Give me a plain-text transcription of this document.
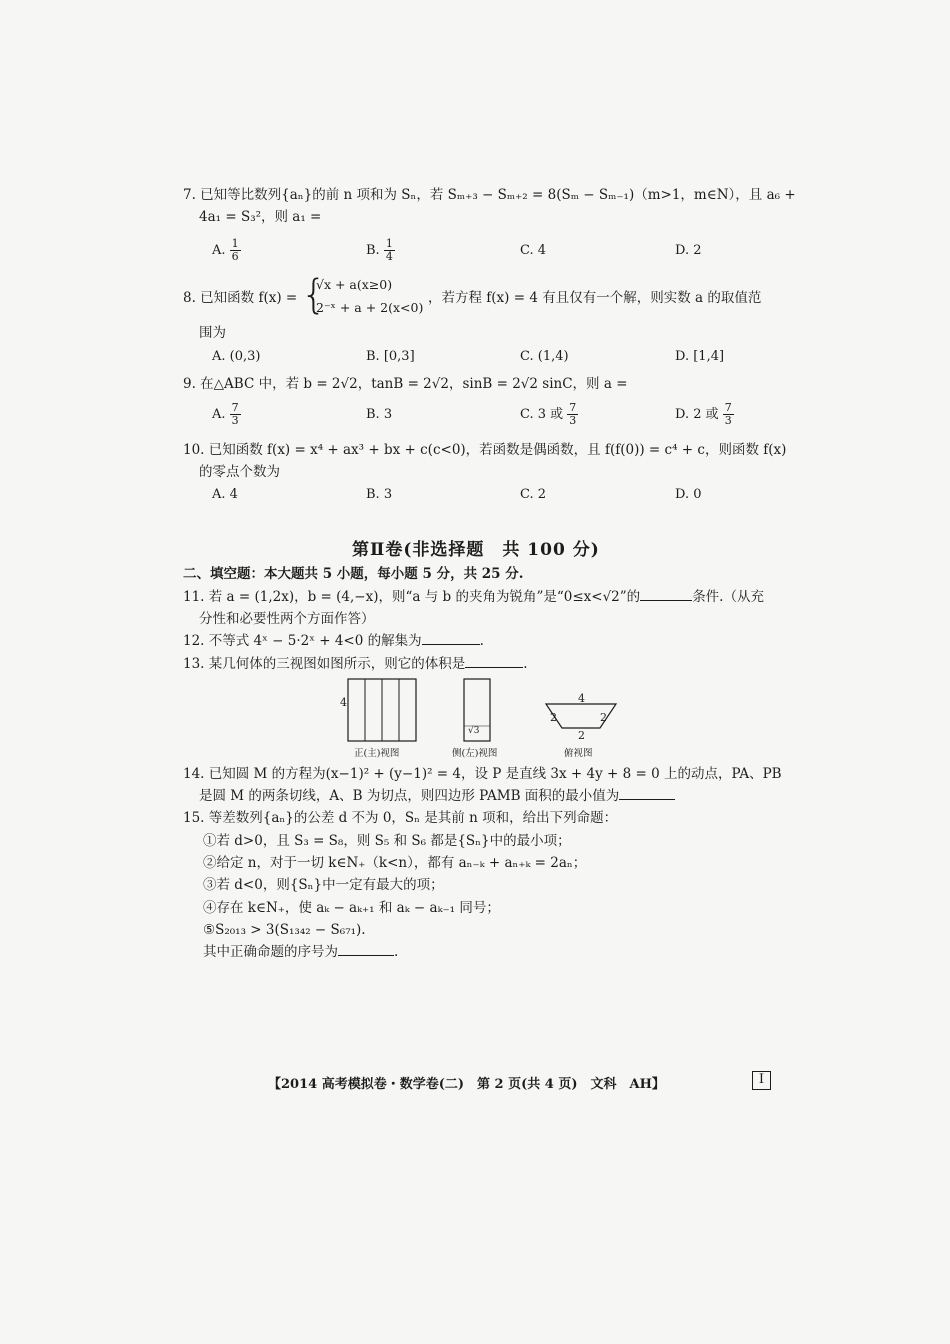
7. 已知等比数列{aₙ}的前 n 项和为 Sₙ，若 Sₘ₊₃ − Sₘ₊₂ = 8(Sₘ − Sₘ₋₁)（m>1，m∈N），且 a₆ +
4a₁ = S₃²，则 a₁ =
A. $\frac{1}{6}$	B. $\frac{1}{4}$	C. 4	D. 2
8. 已知函数 f(x) = {
√x + a(x≥0)
2⁻ˣ + a + 2(x<0)
，若方程 f(x) = 4 有且仅有一个解，则实数 a 的取值范
围为
A. (0,3)	B. [0,3]	C. (1,4)	D. [1,4]
9. 在△ABC 中，若 b = 2√2，tanB = 2√2，sinB = 2√2 sinC，则 a =
A. $\frac{7}{3}$	B. 3	C. 3 或 $\frac{7}{3}$	D. 2 或 $\frac{7}{3}$
10. 已知函数 f(x) = x⁴ + ax³ + bx + c(c<0)，若函数是偶函数，且 f(f(0)) = c⁴ + c，则函数 f(x)
的零点个数为
A. 4	B. 3	C. 2	D. 0
第Ⅱ卷(非选择题　共 100 分)
二、填空题：本大题共 5 小题，每小题 5 分，共 25 分.
11. 若 a = (1,2x)，b = (4,−x)，则“a 与 b 的夹角为锐角”是“0≤x<√2”的	条件.（从充
分性和必要性两个方面作答）
12. 不等式 4ˣ − 5·2ˣ + 4<0 的解集为	.
13. 某几何体的三视图如图所示，则它的体积是	.
4
√3
4
2	2
2
正(主)视图	侧(左)视图	俯视图
14. 已知圆 M 的方程为(x−1)² + (y−1)² = 4，设 P 是直线 3x + 4y + 8 = 0 上的动点，PA、PB
是圆 M 的两条切线，A、B 为切点，则四边形 PAMB 面积的最小值为
15. 等差数列{aₙ}的公差 d 不为 0，Sₙ 是其前 n 项和，给出下列命题：
①若 d>0，且 S₃ = S₈，则 S₅ 和 S₆ 都是{Sₙ}中的最小项；
②给定 n，对于一切 k∈N₊（k<n），都有 aₙ₋ₖ + aₙ₊ₖ = 2aₙ；
③若 d<0，则{Sₙ}中一定有最大的项；
④存在 k∈N₊，使 aₖ − aₖ₊₁ 和 aₖ − aₖ₋₁ 同号；
⑤S₂₀₁₃ > 3(S₁₃₄₂ − S₆₇₁).
其中正确命题的序号为	.
【2014 高考模拟卷・数学卷(二)　第 2 页(共 4 页)　文科　AH】	Ⅰ
